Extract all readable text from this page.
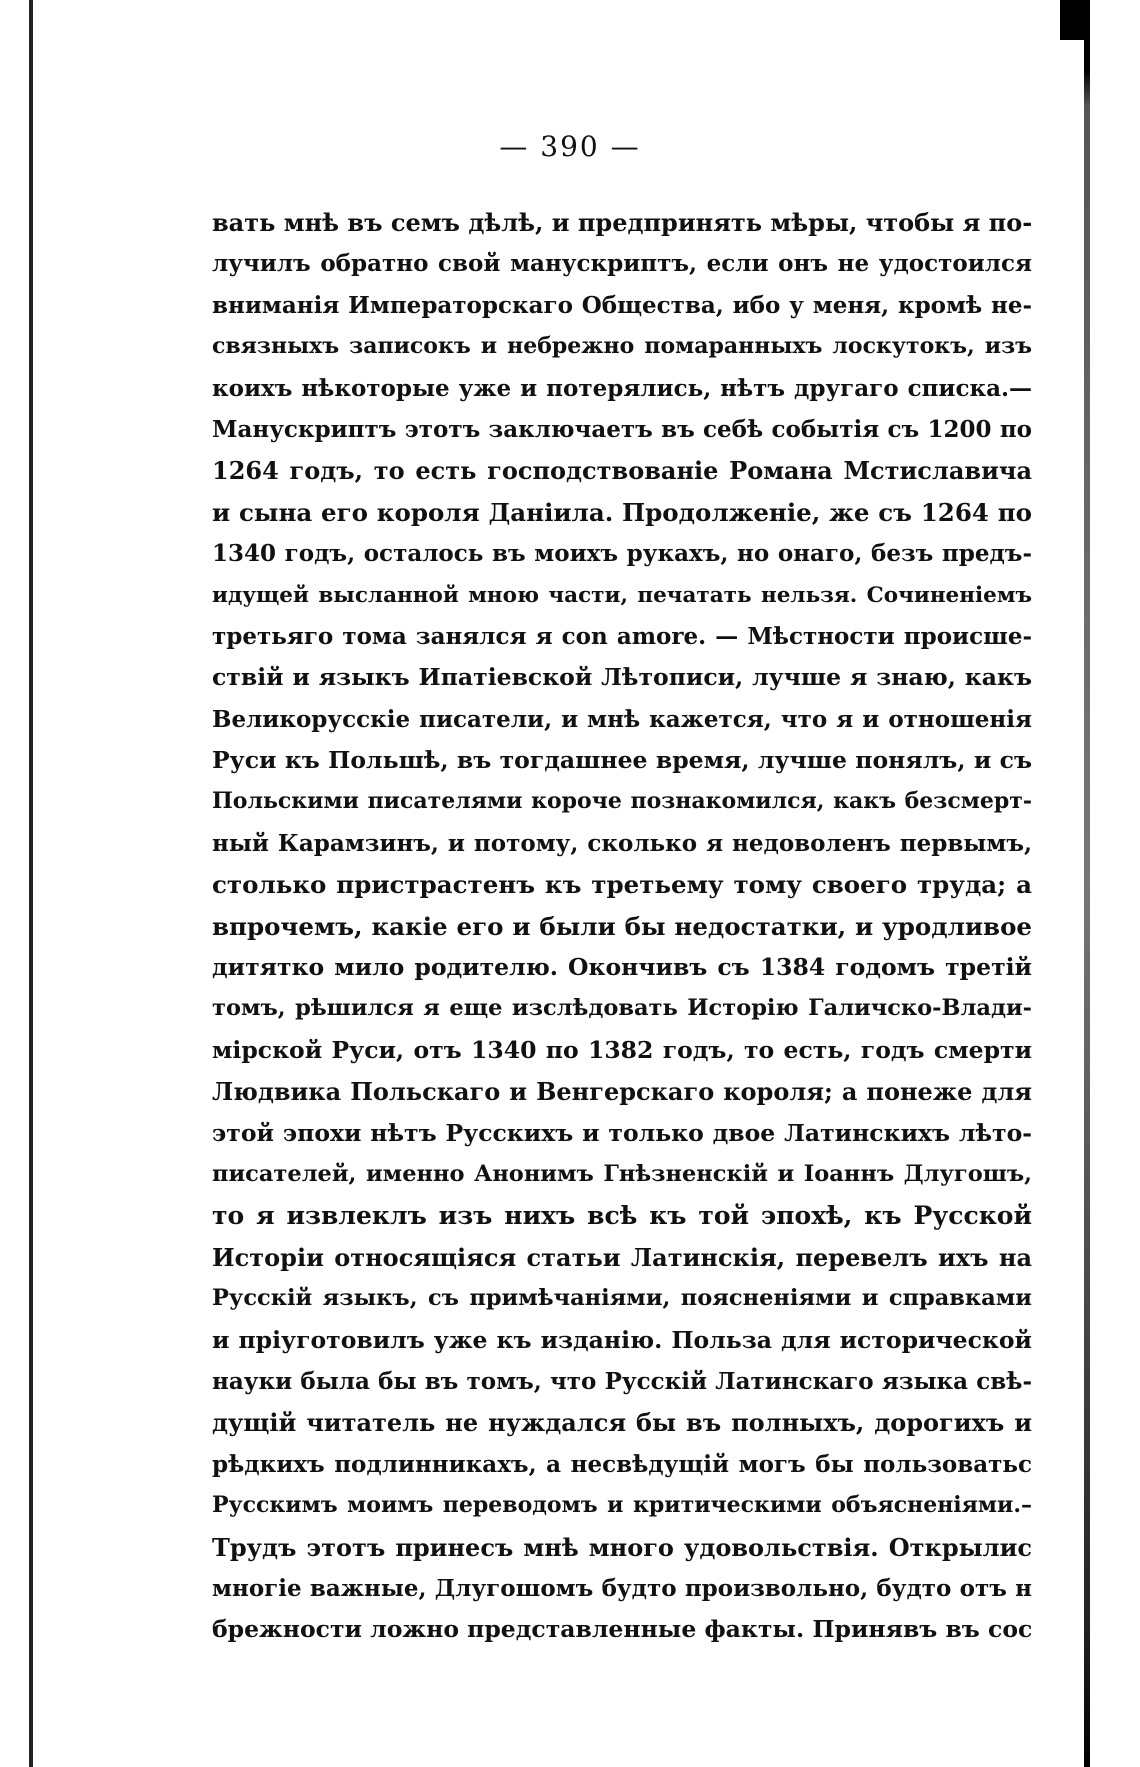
— 390 —
вать мнѣ въ семъ дѣлѣ, и предпринять мѣры, чтобы я по-
лучилъ обратно свой манускриптъ, если онъ не удостоился
вниманія Императорскаго Общества, ибо у меня, кромѣ не-
связныхъ записокъ и небрежно помаранныхъ лоскутокъ, изъ
коихъ нѣкоторые уже и потерялись, нѣтъ другаго списка.—
Манускриптъ этотъ заключаетъ въ себѣ событія съ 1200 по
1264 годъ, то есть господствованіе Романа Мстиславича
и сына его короля Даніила. Продолженіе, же съ 1264 по
1340 годъ, осталось въ моихъ рукахъ, но онаго, безъ предъ-
идущей высланной мною части, печатать нельзя. Сочиненіемъ
третьяго тома занялся я con amore. — Мѣстности происше-
ствій и языкъ Ипатіевской Лѣтописи, лучше я знаю, какъ
Великорусскіе писатели, и мнѣ кажется, что я и отношенія
Руси къ Польшѣ, въ тогдашнее время, лучше понялъ, и съ
Польскими писателями короче познакомился, какъ безсмерт-
ный Карамзинъ, и потому, сколько я недоволенъ первымъ,
столько пристрастенъ къ третьему тому своего труда; а
впрочемъ, какіе его и были бы недостатки, и уродливое
дитятко мило родителю. Окончивъ съ 1384 годомъ третій
томъ, рѣшился я еще изслѣдовать Исторію Галичско-Влади-
мірской Руси, отъ 1340 по 1382 годъ, то есть, годъ смерти
Людвика Польскаго и Венгерскаго короля; а понеже для
этой эпохи нѣтъ Русскихъ и только двое Латинскихъ лѣто-
писателей, именно Анонимъ Гнѣзненскій и Іоаннъ Длугошъ,
то я извлеклъ изъ нихъ всѣ къ той эпохѣ, къ Русской
Исторіи относящіяся статьи Латинскія, перевелъ ихъ на
Русскій языкъ, съ примѣчаніями, поясненіями и справками
и пріуготовилъ уже къ изданію. Польза для исторической
науки была бы въ томъ, что Русскій Латинскаго языка свѣ-
дущій читатель не нуждался бы въ полныхъ, дорогихъ и
рѣдкихъ подлинникахъ, а несвѣдущій могъ бы пользоватьс
Русскимъ моимъ переводомъ и критическими объясненіями.–
Трудъ этотъ принесъ мнѣ много удовольствія. Открылис
многіе важные, Длугошомъ будто произвольно, будто отъ н
брежности ложно представленные факты. Принявъ въ сос
